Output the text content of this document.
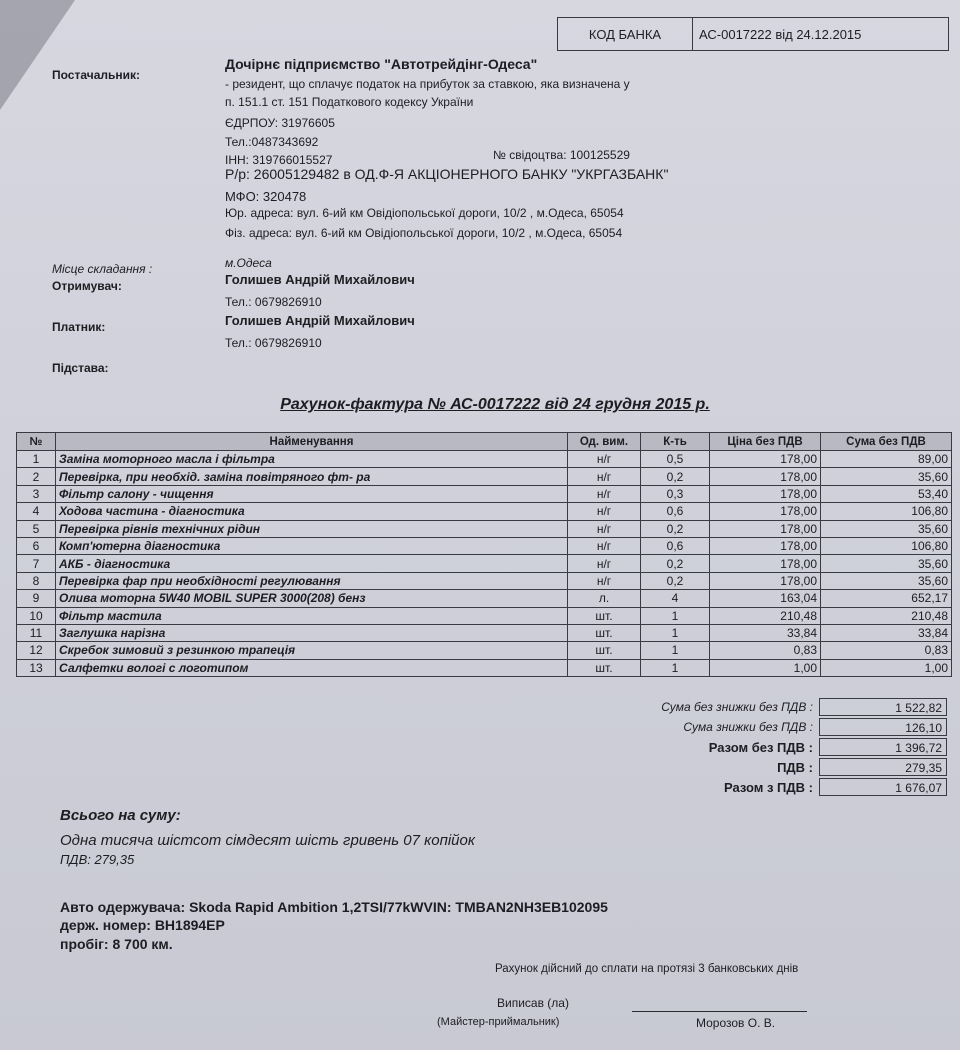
КОД БАНКА	АС-0017222 від 24.12.2015
Постачальник:
Дочірнє підприємство "Автотрейдінг-Одеса"
- резидент, що сплачує податок на прибуток за ставкою, яка визначена у
п. 151.1 ст. 151 Податкового кодексу України
ЄДРПОУ: 31976605
Тел.:0487343692
ІНН: 319766015527	№ свідоцтва: 100125529
Р/р: 26005129482 в ОД.Ф-Я АКЦІОНЕРНОГО БАНКУ "УКРГАЗБАНК"
МФО: 320478
Юр. адреса: вул. 6-ий км Овідіопольської дороги, 10/2 , м.Одеса, 65054
Фіз. адреса: вул. 6-ий км Овідіопольської дороги, 10/2 , м.Одеса, 65054
Місце складання :	м.Одеса
Отримувач:	Голишев Андрій Михайлович
Тел.: 0679826910
Платник:	Голишев Андрій Михайлович
Тел.: 0679826910
Підстава:
Рахунок-фактура № АС-0017222 від 24 грудня 2015 р.
№	Найменування	Од. вим.	К-ть	Ціна без ПДВ	Сума без ПДВ
1	Заміна моторного масла і фільтра	н/г	0,5	178,00	89,00
2	Перевірка, при необхід. заміна повітряного фт- ра	н/г	0,2	178,00	35,60
3	Фільтр салону - чищення	н/г	0,3	178,00	53,40
4	Ходова частина - діагностика	н/г	0,6	178,00	106,80
5	Перевірка рівнів технічних рідин	н/г	0,2	178,00	35,60
6	Комп'ютерна діагностика	н/г	0,6	178,00	106,80
7	АКБ - діагностика	н/г	0,2	178,00	35,60
8	Перевірка фар при необхідності регулювання	н/г	0,2	178,00	35,60
9	Олива моторна 5W40 MOBIL SUPER 3000(208) бенз	л.	4	163,04	652,17
10	Фільтр мастила	шт.	1	210,48	210,48
11	Заглушка нарізна	шт.	1	33,84	33,84
12	Скребок зимовий з резинкою трапеція	шт.	1	0,83	0,83
13	Салфетки вологі с логотипом	шт.	1	1,00	1,00
Сума без знижки без ПДВ :	1 522,82
Сума знижки без ПДВ :	126,10
Разом без ПДВ :	1 396,72
ПДВ :	279,35
Разом з ПДВ :	1 676,07
Всього на суму:
Одна тисяча шістсот сімдесят шість гривень 07 копійок
ПДВ: 279,35
Авто одержувача: Skoda Rapid Ambition 1,2TSI/77kWVIN: TMBAN2NH3EB102095
держ. номер: ВН1894ЕР
пробіг: 8 700 км.
Рахунок дійсний до сплати на протязі 3 банковських днів
Виписав (ла)
(Майстер-приймальник)	Морозов О. В.
